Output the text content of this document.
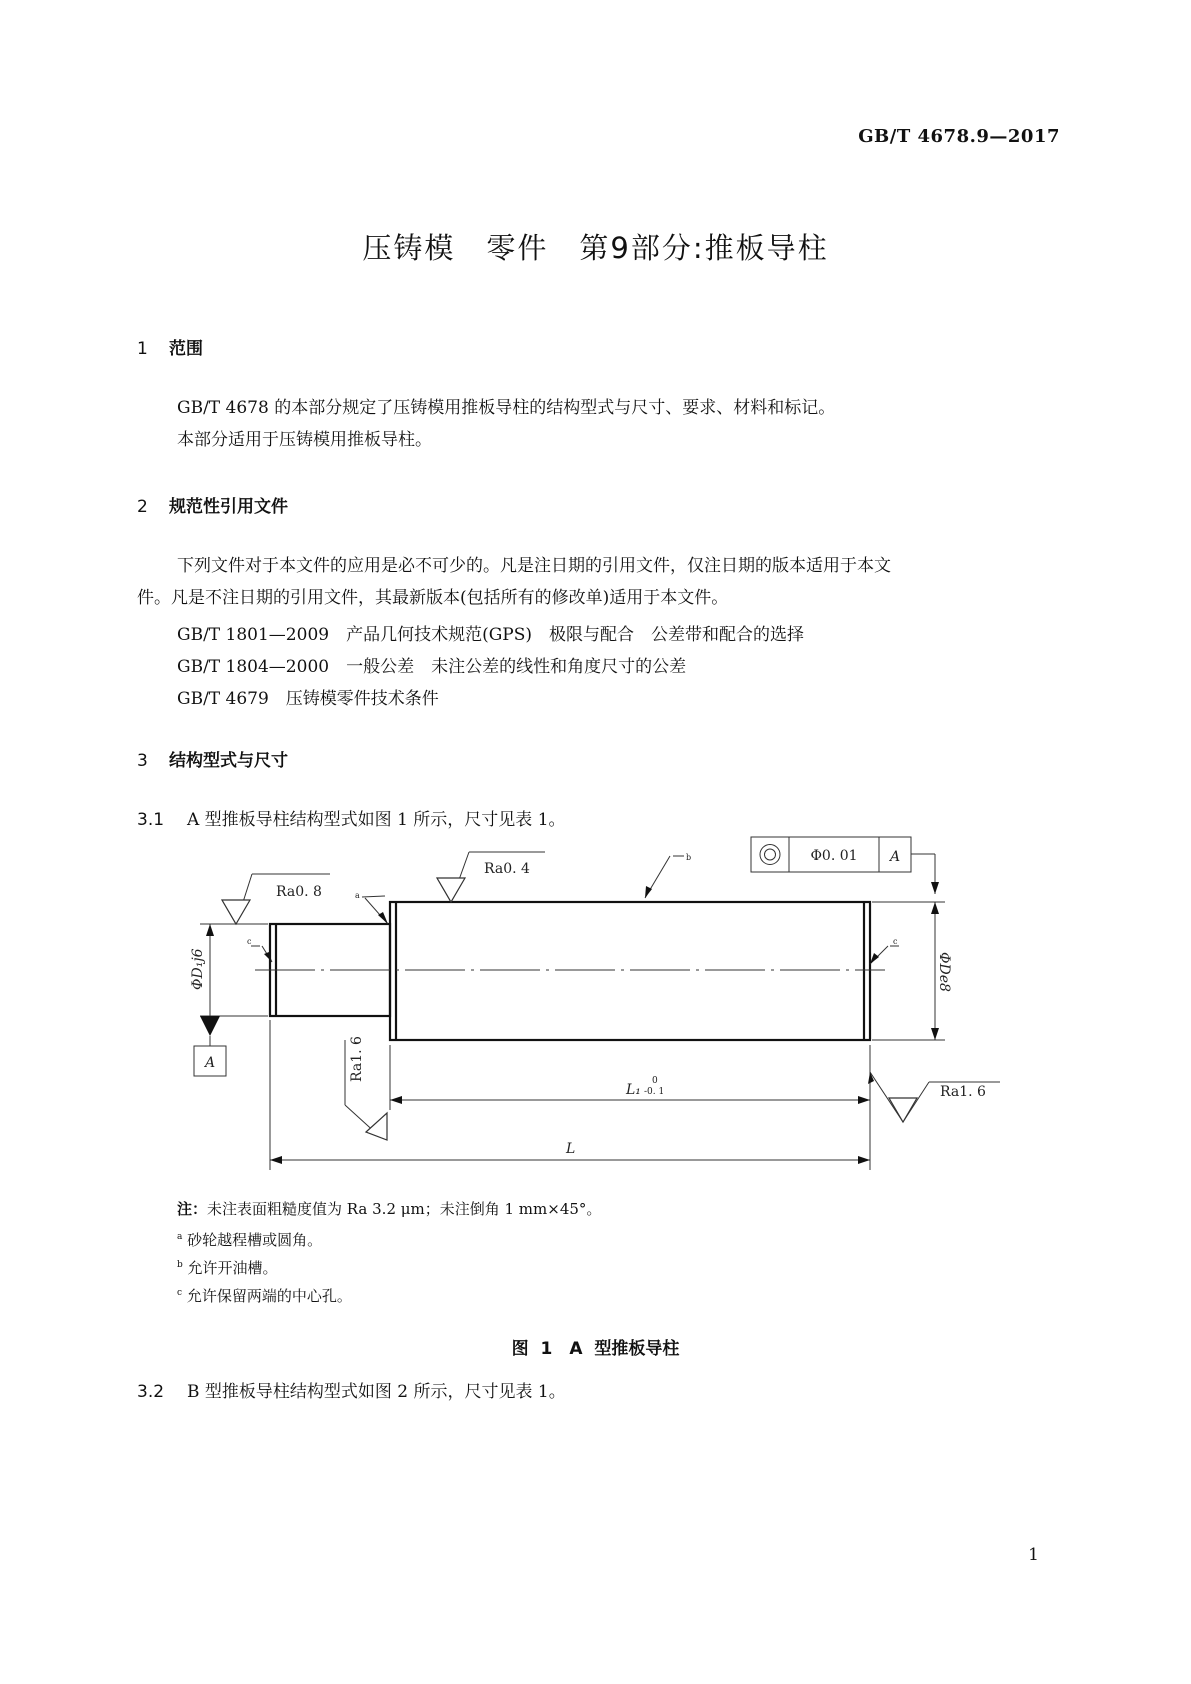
GB/T 4678.9—2017
压铸模　零件　第9部分:推板导柱
1 范围
GB/T 4678 的本部分规定了压铸模用推板导柱的结构型式与尺寸、要求、材料和标记。
本部分适用于压铸模用推板导柱。
2 规范性引用文件
下列文件对于本文件的应用是必不可少的。凡是注日期的引用文件，仅注日期的版本适用于本文
件。凡是不注日期的引用文件，其最新版本(包括所有的修改单)适用于本文件。
GB/T 1801—2009　产品几何技术规范(GPS)　极限与配合　公差带和配合的选择
GB/T 1804—2000　一般公差　未注公差的线性和角度尺寸的公差
GB/T 4679　压铸模零件技术条件
3 结构型式与尺寸
3.1 A 型推板导柱结构型式如图 1 所示，尺寸见表 1。
A
Φ0. 01 A
Ra0. 8
Ra0. 4
Ra1. 6
Ra1. 6
ΦD₁j6	ΦDe8
L₁
0
-0. 1
L
a
b
c	c
注：未注表面粗糙度值为 Ra 3.2 μm；未注倒角 1 mm×45°。
$^a$ 砂轮越程槽或圆角。
$^b$ 允许开油槽。
$^c$ 允许保留两端的中心孔。
图 1　A 型推板导柱
3.2 B 型推板导柱结构型式如图 2 所示，尺寸见表 1。
1
